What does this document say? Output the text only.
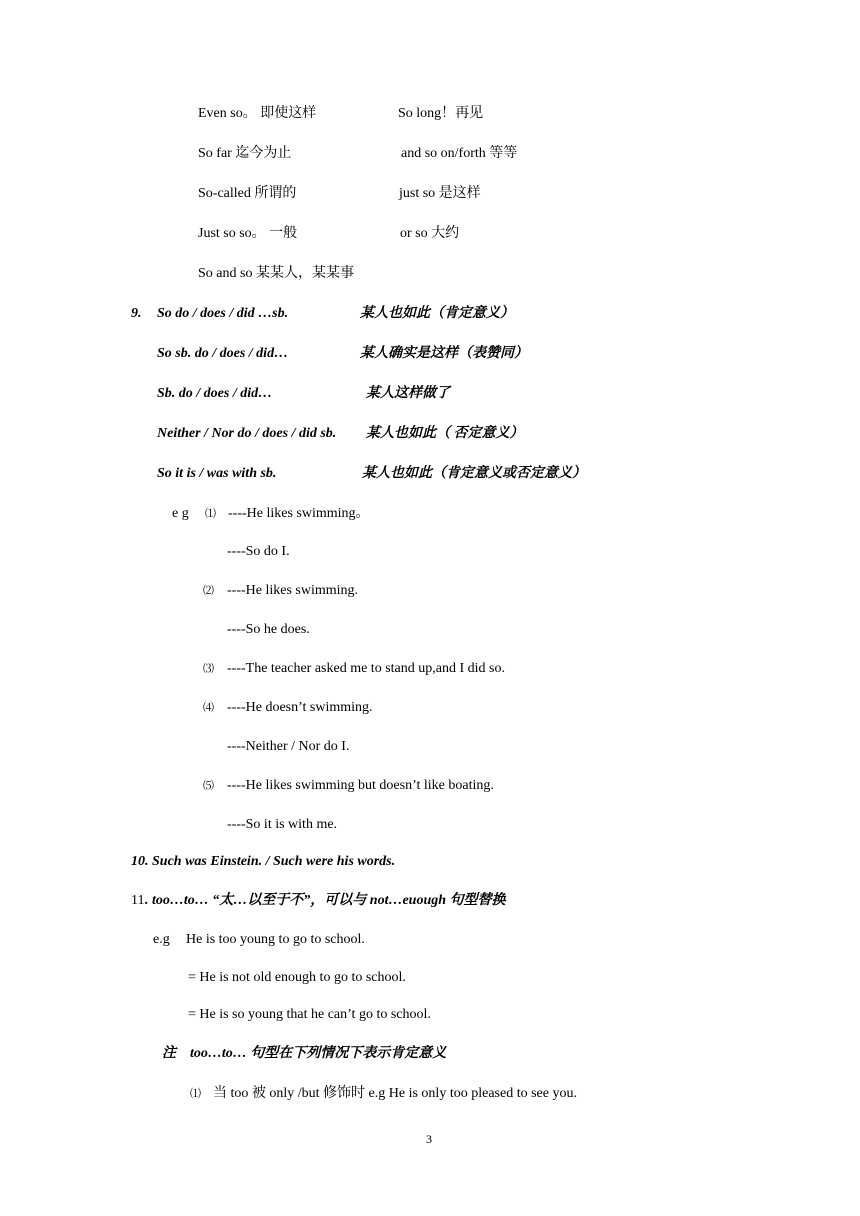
Even so。 即使这样	So long！再见
So far 迄今为止	and so on/forth 等等
So-called 所谓的	just so 是这样
Just so so。 一般	or so 大约
So and so 某某人，某某事
9. So do / does / did …sb.	某人也如此（肯定意义）
So sb. do / does / did…	某人确实是这样（表赞同）
Sb. do / does / did…	某人这样做了
Neither / Nor do / does / did sb. 某人也如此（ 否定意义）
So it is / was with sb.	某人也如此（肯定意义或否定意义）
e g ⑴ ----He likes swimming。
----So do I.
⑵ ----He likes swimming.
----So he does.
⑶ ----The teacher asked me to stand up,and I did so.
⑷ ----He doesn’t swimming.
----Neither / Nor do I.
⑸ ----He likes swimming but doesn’t like boating.
----So it is with me.
10. Such was Einstein. / Such were his words.
11 . too…to… “太…以至于不”，可以与 not…euough 句型替换
e.g He is too young to go to school.
= He is not old enough to go to school.
= He is so young that he can’t go to school.
注 too…to… 句型在下列情况下表示肯定意义
⑴ 当 too 被 only /but 修饰时 e.g He is only too pleased to see you.
3
